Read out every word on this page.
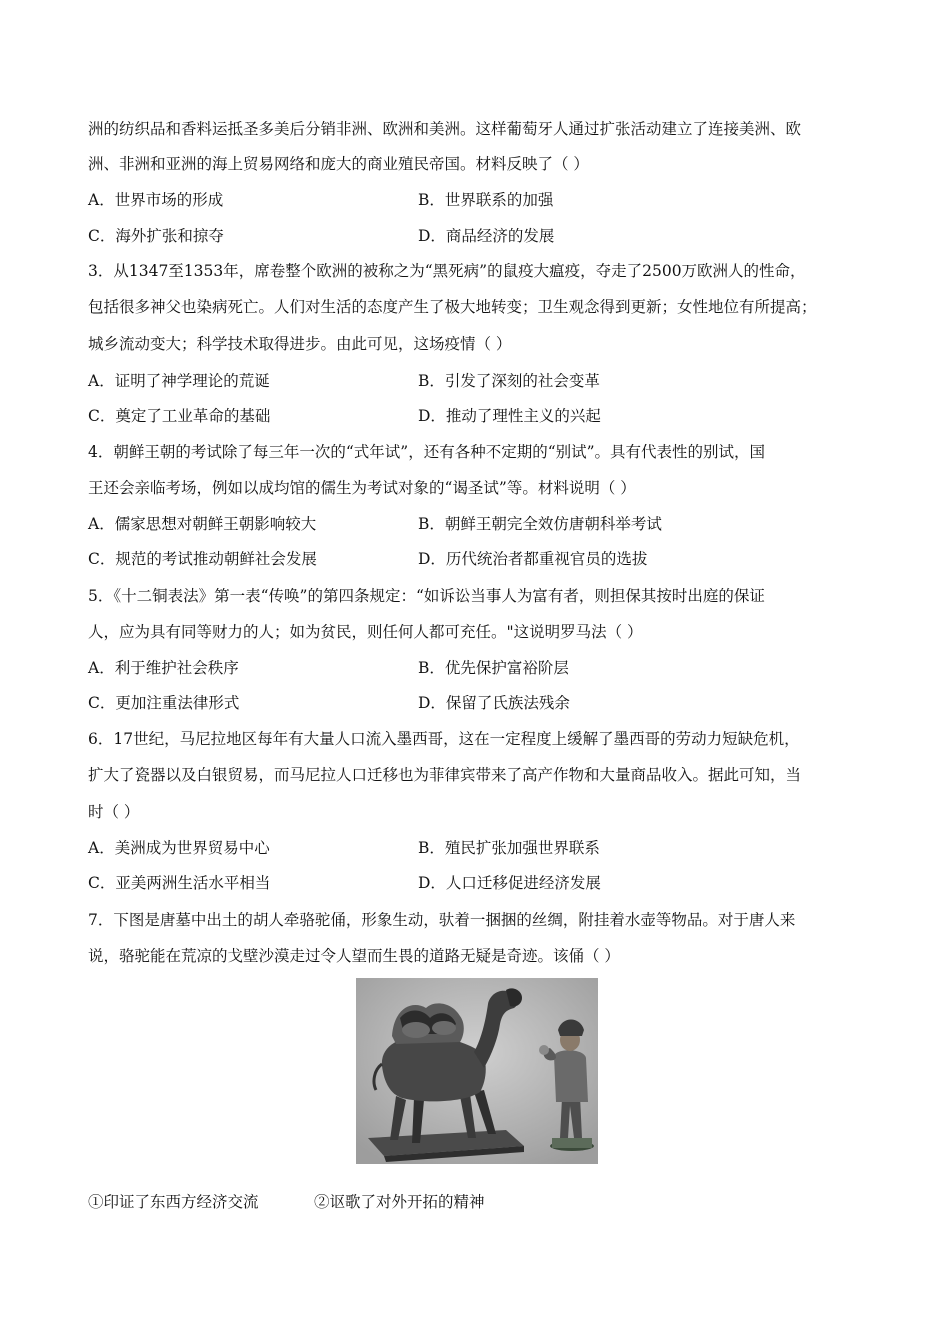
洲的纺织品和香料运抵圣多美后分销非洲、欧洲和美洲。这样葡萄牙人通过扩张活动建立了连接美洲、欧
洲、非洲和亚洲的海上贸易网络和庞大的商业殖民帝国。材料反映了（ ）
A．世界市场的形成	B．世界联系的加强
C．海外扩张和掠夺	D．商品经济的发展
3．从1347至1353年，席卷整个欧洲的被称之为“黑死病”的鼠疫大瘟疫，夺走了2500万欧洲人的性命，
包括很多神父也染病死亡。人们对生活的态度产生了极大地转变；卫生观念得到更新；女性地位有所提高；
城乡流动变大；科学技术取得进步。由此可见，这场疫情（ ）
A．证明了神学理论的荒诞	B．引发了深刻的社会变革
C．奠定了工业革命的基础	D．推动了理性主义的兴起
4．朝鲜王朝的考试除了每三年一次的“式年试”，还有各种不定期的“别试”。具有代表性的别试，国
王还会亲临考场，例如以成均馆的儒生为考试对象的“谒圣试”等。材料说明（ ）
A．儒家思想对朝鲜王朝影响较大	B．朝鲜王朝完全效仿唐朝科举考试
C．规范的考试推动朝鲜社会发展	D．历代统治者都重视官员的选拔
5．《十二铜表法》第一表“传唤”的第四条规定：“如诉讼当事人为富有者，则担保其按时出庭的保证
人，应为具有同等财力的人；如为贫民，则任何人都可充任。"这说明罗马法（ ）
A．利于维护社会秩序	B．优先保护富裕阶层
C．更加注重法律形式	D．保留了氏族法残余
6．17世纪，马尼拉地区每年有大量人口流入墨西哥，这在一定程度上缓解了墨西哥的劳动力短缺危机，
扩大了瓷器以及白银贸易，而马尼拉人口迁移也为菲律宾带来了高产作物和大量商品收入。据此可知，当
时（ ）
A．美洲成为世界贸易中心	B．殖民扩张加强世界联系
C．亚美两洲生活水平相当	D．人口迁移促进经济发展
7．下图是唐墓中出土的胡人牵骆驼俑，形象生动，驮着一捆捆的丝绸，附挂着水壶等物品。对于唐人来
说，骆驼能在荒凉的戈壁沙漠走过令人望而生畏的道路无疑是奇迹。该俑（ ）
①印证了东西方经济交流	②讴歌了对外开拓的精神
